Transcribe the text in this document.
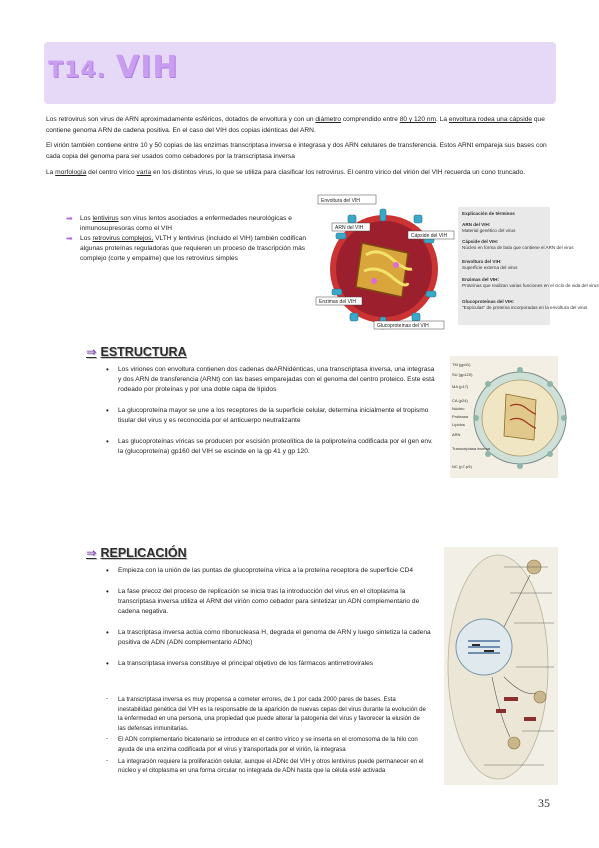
T14. VIH
Los retrovirus son virus de ARN aproximadamente esféricos, dotados de envoltura y con un diámetro comprendido entre 80 y 120 nm. La envoltura rodea una cápside que contiene genoma ARN de cadena positiva. En el caso del VIH dos copias idénticas del ARN.
El virión también contiene entre 10 y 50 copias de las enzimas transcriptasa inversa e integrasa y dos ARN celulares de transferencia. Estos ARNt empareja sus bases con cada copia del genoma para ser usados como cebadores por la transcriptasa inversa
La morfología del centro vírico varía en los distintos virus, lo que se utiliza para clasificar los retrovirus. El centro vírico del virión del VIH recuerda un cono truncado.
➡	Los lentivirus son virus lentos asociados a enfermedades neurológicas e inmunosupresoras como el VIH
➡	Los retrovirus complejos, VLTH y lentivirus (incluido el VIH) también codifican algunas proteínas reguladoras que requieren un proceso de trascripción más complejo (corte y empalme) que los retrovirus simples
Envoltura del VIH
ARN del VIH
Cápside del VIH
Enzimas del VIH
Glucoproteínas del VIH
Explicación de términos
ARN del VIH:
Material genético del virus
Cápside del VIH:
Núcleo en forma de bala que contiene el ARN del virus
Envoltura del VIH:
Superficie externa del virus
Enzimas del VIH:
Proteínas que realizan varias funciones en el ciclo de vida del virus
Glucoproteínas del VIH:
"Espículas" de proteína incorporadas en la envoltura del virus
⇒ ESTRUCTURA
• Los viriones con envoltura contienen dos cadenas deARNidénticas, una transcriptasa inversa, una integrasa y dos ARN de transferencia (ARNt) con las bases emparejadas con el genoma del centro proteico. Este está rodeado por proteínas y por una doble capa de lípidos
• La glucoproteína mayor se une a los receptores de la superficie celular, determina inicialmente el tropismo tisular del virus y es reconocida por el anticuerpo neutralizante
• Las glucoproteínas víricas se producen por escisión proteolítica de la poliproteína codificada por el gen env. la (glucoproteína) gp160 del VIH se escinde en la gp 41 y gp 120.
TM (gp41)
SU (gp120)
MA (p17)
CA (p24)
Núcleo
Proteasa
Lípidos
ARN
Transcriptasa inversa
NC (p7-p9)
⇒ REPLICACIÓN
• Empieza con la unión de las puntas de glucoproteína vírica a la proteína receptora de superficie CD4
• La fase precoz del proceso de replicación se inicia tras la introducción del virus en el citoplasma la transcriptasa inversa utiliza el ARNt del virión como cebador para sintetizar un ADN complementario de cadena negativa.
• La trascriptasa inversa actúa como ribonucleasa H, degrada el genoma de ARN y luego sintetiza la cadena positiva de ADN (ADN complementario ADNc)
• La transcriptasa inversa constituye el principal objetivo de los fármacos antirretrovirales
- La transcriptasa inversa es muy propensa a cometer errores, de 1 por cada 2000 pares de bases. Esta inestabilidad genética del VIH es la responsable de la aparición de nuevas cepas del virus durante la evolución de la enfermedad en una persona, una propiedad que puede alterar la patogenia del virus y favorecer la elusión de las defensas inmunitarias.
- El ADN complementario bicatenario se introduce en el centro vírico y se inserta en el cromosoma de la hilo con ayuda de una enzima codificada por el virus y transportada por el virión, la integrasa
- La integración requiere la proliferación celular, aunque el ADNc del VIH y otros lentivirus puede permanecer en el núcleo y el citoplasma en una forma circular no integrada de ADN hasta que la célula esté activada
35
